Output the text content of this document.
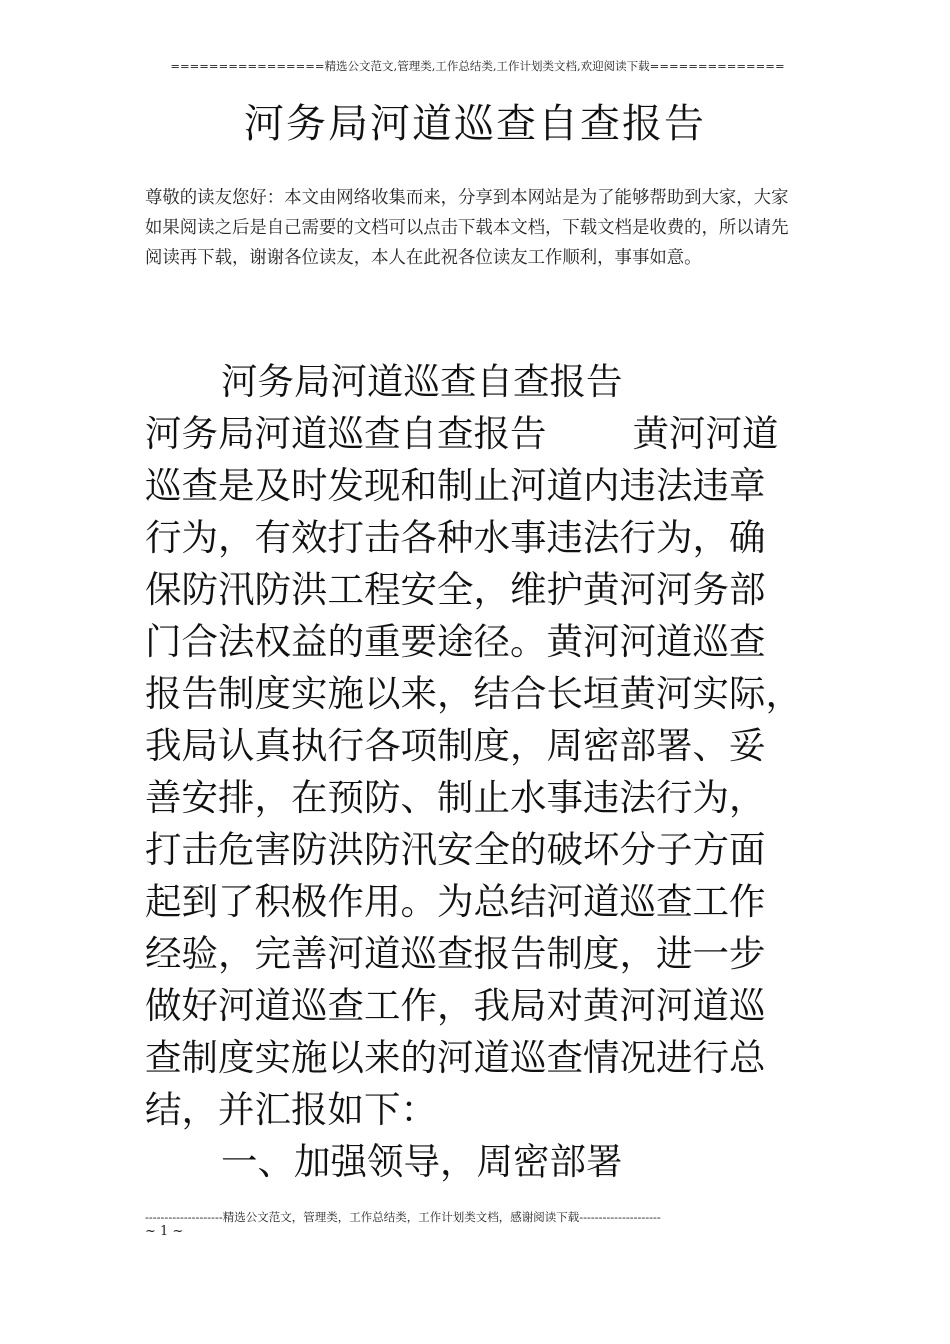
================精选公文范文,管理类,工作总结类,工作计划类文档,欢迎阅读下载==============
河务局河道巡查自查报告
尊敬的读友您好：本文由网络收集而来，分享到本网站是为了能够帮助到大家，大家如果阅读之后是自己需要的文档可以点击下载本文档，下载文档是收费的，所以请先阅读再下载，谢谢各位读友，本人在此祝各位读友工作顺利，事事如意。
河务局河道巡查自查报告
河务局河道巡查自查报告 黄河河道
巡查是及时发现和制止河道内违法违章
行为，有效打击各种水事违法行为，确
保防汛防洪工程安全，维护黄河河务部
门合法权益的重要途径。黄河河道巡查
报告制度实施以来，结合长垣黄河实际，
我局认真执行各项制度，周密部署、妥
善安排，在预防、制止水事违法行为，
打击危害防洪防汛安全的破坏分子方面
起到了积极作用。为总结河道巡查工作
经验，完善河道巡查报告制度，进一步
做好河道巡查工作，我局对黄河河道巡
查制度实施以来的河道巡查情况进行总
结，并汇报如下：
一、加强领导，周密部署
--------------------精选公文范文，管理类，工作总结类，工作计划类文档，感谢阅读下载---------------------
~ 1 ~
